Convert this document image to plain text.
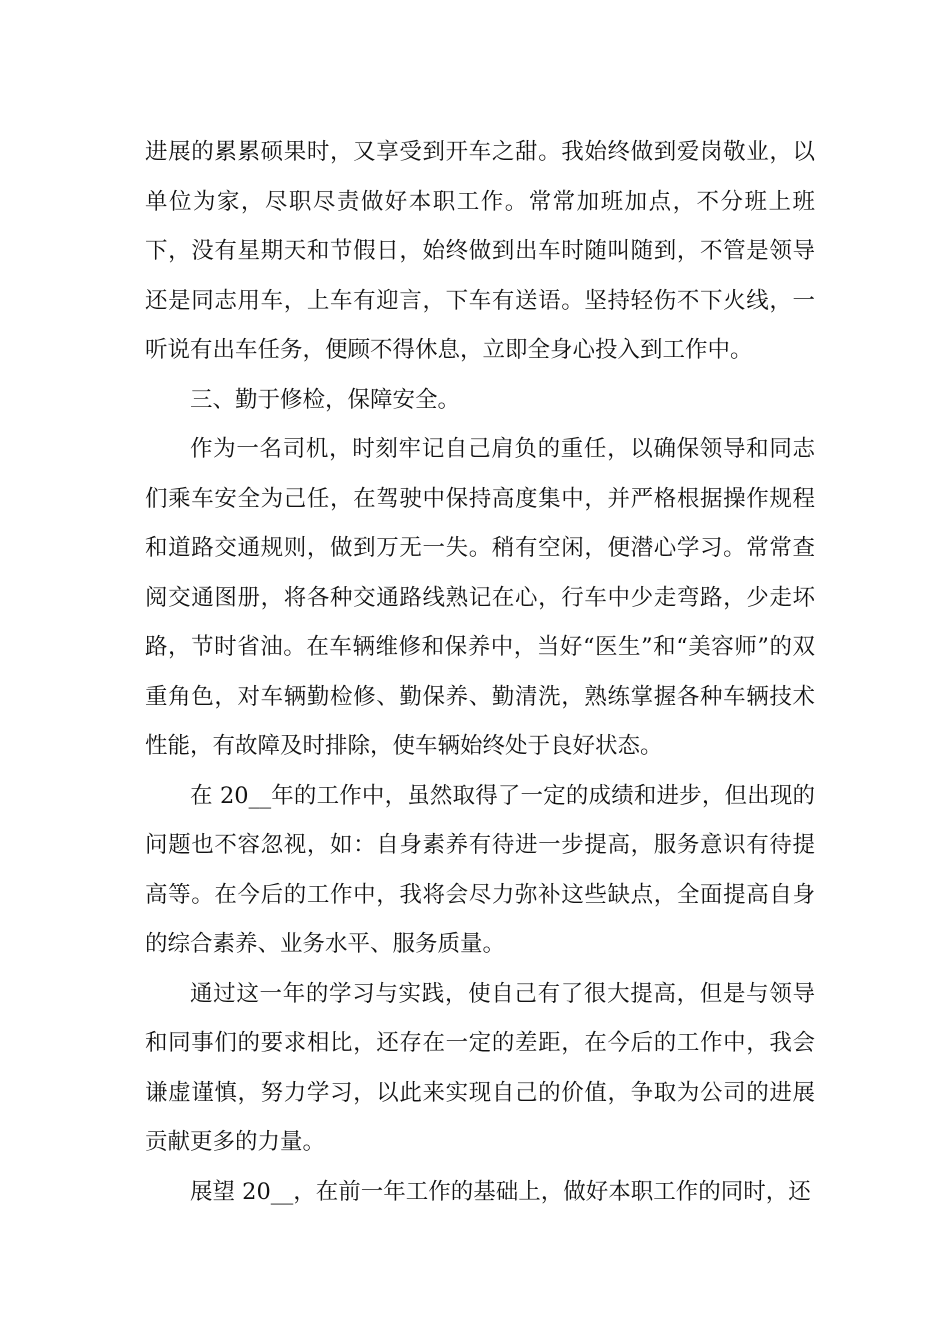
进展的累累硕果时，又享受到开车之甜。我始终做到爱岗敬业，以单位为家，尽职尽责做好本职工作。常常加班加点，不分班上班下，没有星期天和节假日，始终做到出车时随叫随到，不管是领导还是同志用车，上车有迎言，下车有送语。坚持轻伤不下火线，一听说有出车任务，便顾不得休息，立即全身心投入到工作中。

三、勤于修检，保障安全。

作为一名司机，时刻牢记自己肩负的重任，以确保领导和同志们乘车安全为己任，在驾驶中保持高度集中，并严格根据操作规程和道路交通规则，做到万无一失。稍有空闲，便潜心学习。常常查阅交通图册，将各种交通路线熟记在心，行车中少走弯路，少走坏路，节时省油。在车辆维修和保养中，当好“医生”和“美容师”的双重角色，对车辆勤检修、勤保养、勤清洗，熟练掌握各种车辆技术性能，有故障及时排除，使车辆始终处于良好状态。

在 20__年的工作中，虽然取得了一定的成绩和进步，但出现的问题也不容忽视，如：自身素养有待进一步提高，服务意识有待提高等。在今后的工作中，我将会尽力弥补这些缺点，全面提高自身的综合素养、业务水平、服务质量。

通过这一年的学习与实践，使自己有了很大提高，但是与领导和同事们的要求相比，还存在一定的差距，在今后的工作中，我会谦虚谨慎，努力学习，以此来实现自己的价值，争取为公司的进展贡献更多的力量。

展望 20__，在前一年工作的基础上，做好本职工作的同时，还
